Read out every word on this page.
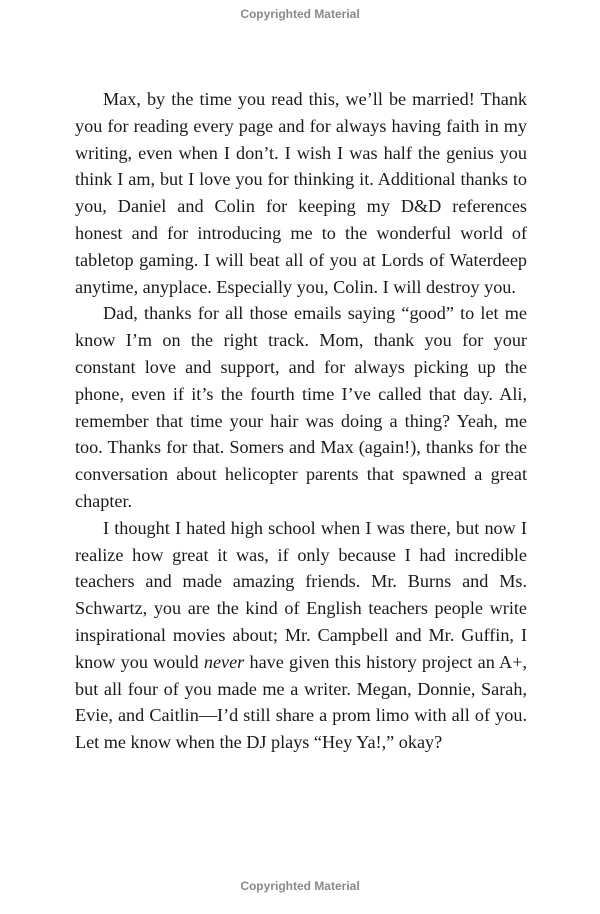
Copyrighted Material

Max, by the time you read this, we’ll be married! Thank you for reading every page and for always having faith in my writing, even when I don’t. I wish I was half the genius you think I am, but I love you for thinking it. Additional thanks to you, Daniel and Colin for keeping my D&D references honest and for introducing me to the wonderful world of tabletop gaming. I will beat all of you at Lords of Waterdeep anytime, anyplace. Especially you, Colin. I will destroy you.

Dad, thanks for all those emails saying “good” to let me know I’m on the right track. Mom, thank you for your constant love and support, and for always picking up the phone, even if it’s the fourth time I’ve called that day. Ali, remember that time your hair was doing a thing? Yeah, me too. Thanks for that. Somers and Max (again!), thanks for the conversation about helicopter parents that spawned a great chapter.

I thought I hated high school when I was there, but now I realize how great it was, if only because I had incredible teachers and made amazing friends. Mr. Burns and Ms. Schwartz, you are the kind of English teachers people write inspirational movies about; Mr. Campbell and Mr. Guffin, I know you would never have given this history project an A+, but all four of you made me a writer. Megan, Donnie, Sarah, Evie, and Caitlin—I’d still share a prom limo with all of you. Let me know when the DJ plays “Hey Ya!,” okay?

Copyrighted Material
